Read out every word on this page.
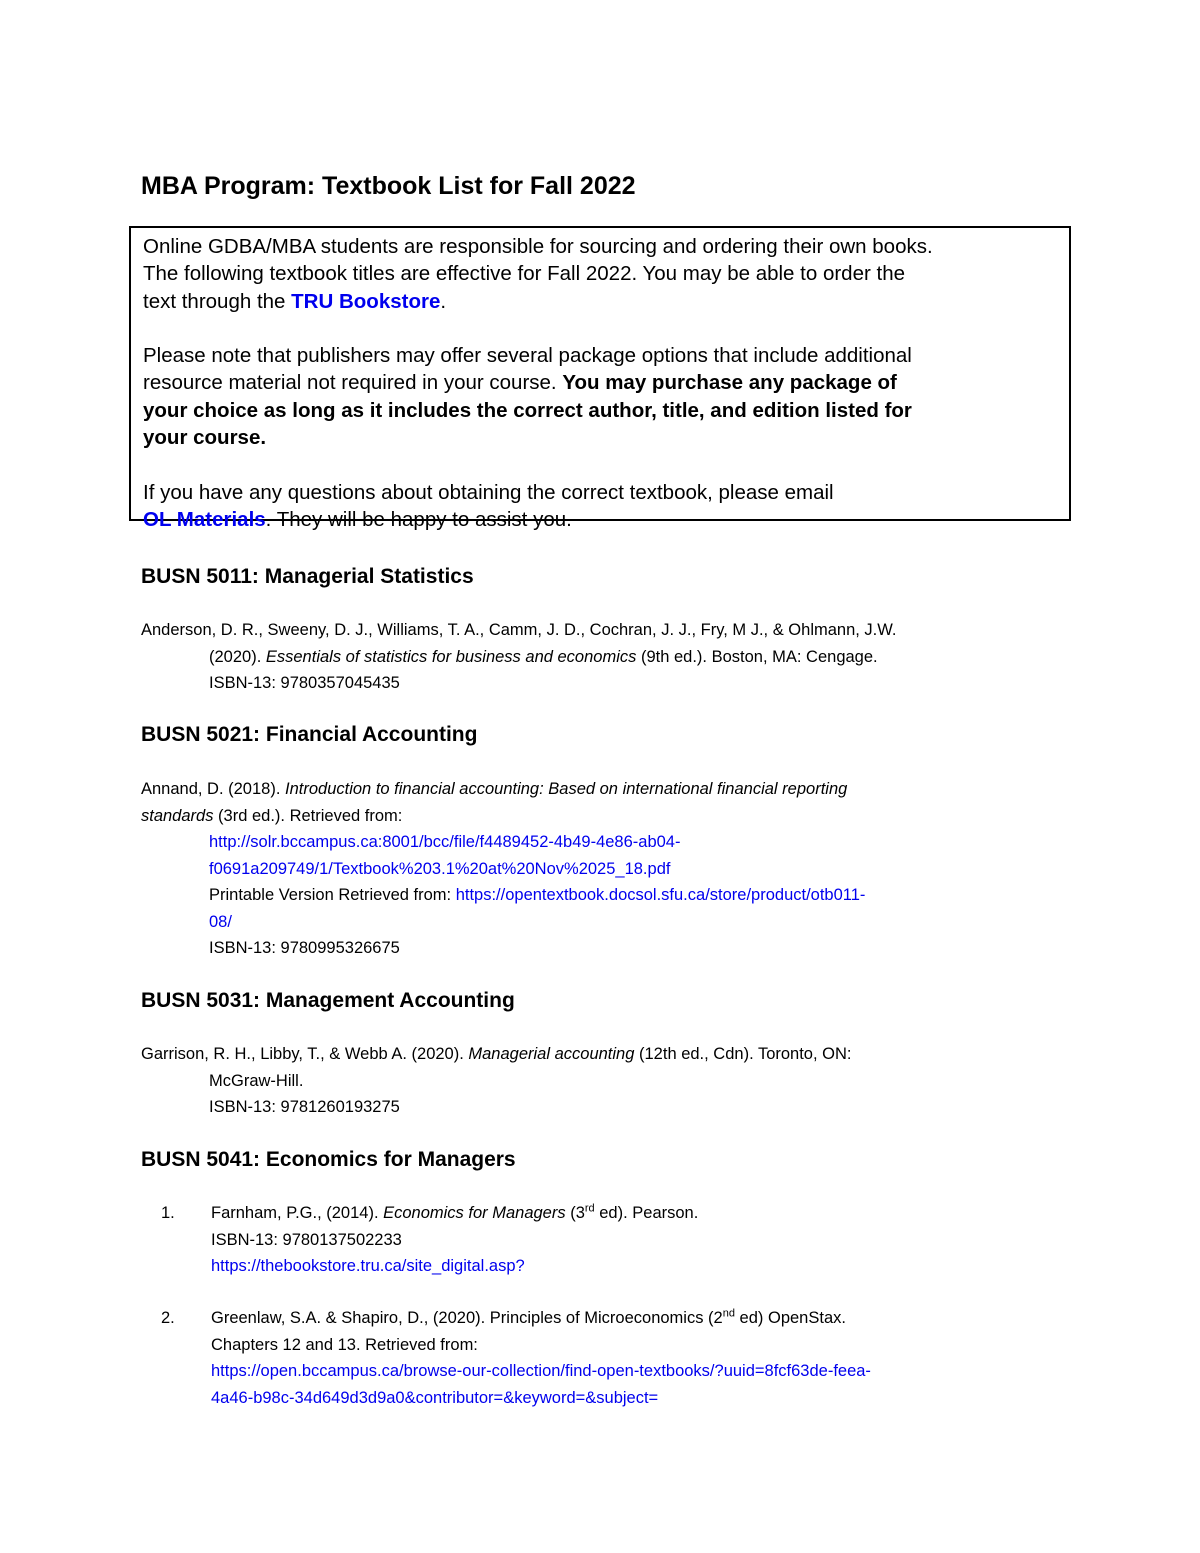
MBA Program: Textbook List for Fall 2022

Online GDBA/MBA students are responsible for sourcing and ordering their own books.
The following textbook titles are effective for Fall 2022. You may be able to order the
text through the TRU Bookstore.

Please note that publishers may offer several package options that include additional
resource material not required in your course. You may purchase any package of
your choice as long as it includes the correct author, title, and edition listed for
your course.

If you have any questions about obtaining the correct textbook, please email
OL Materials. They will be happy to assist you.

BUSN 5011: Managerial Statistics
Anderson, D. R., Sweeny, D. J., Williams, T. A., Camm, J. D., Cochran, J. J., Fry, M J., & Ohlmann, J.W.
(2020). Essentials of statistics for business and economics (9th ed.). Boston, MA: Cengage.
ISBN-13: 9780357045435
BUSN 5021: Financial Accounting
Annand, D. (2018). Introduction to financial accounting: Based on international financial reporting
standards (3rd ed.). Retrieved from:
http://solr.bccampus.ca:8001/bcc/file/f4489452-4b49-4e86-ab04-
f0691a209749/1/Textbook%203.1%20at%20Nov%2025_18.pdf
Printable Version Retrieved from: https://opentextbook.docsol.sfu.ca/store/product/otb011-
08/
ISBN-13: 9780995326675
BUSN 5031: Management Accounting
Garrison, R. H., Libby, T., & Webb A. (2020). Managerial accounting (12th ed., Cdn). Toronto, ON:
McGraw-Hill.
ISBN-13: 9781260193275
BUSN 5041: Economics for Managers
1. Farnham, P.G., (2014). Economics for Managers (3rd ed). Pearson.
ISBN-13: 9780137502233
https://thebookstore.tru.ca/site_digital.asp?
2. Greenlaw, S.A. & Shapiro, D., (2020). Principles of Microeconomics (2nd ed) OpenStax.
Chapters 12 and 13. Retrieved from:
https://open.bccampus.ca/browse-our-collection/find-open-textbooks/?uuid=8fcf63de-feea-
4a46-b98c-34d649d3d9a0&contributor=&keyword=&subject=
